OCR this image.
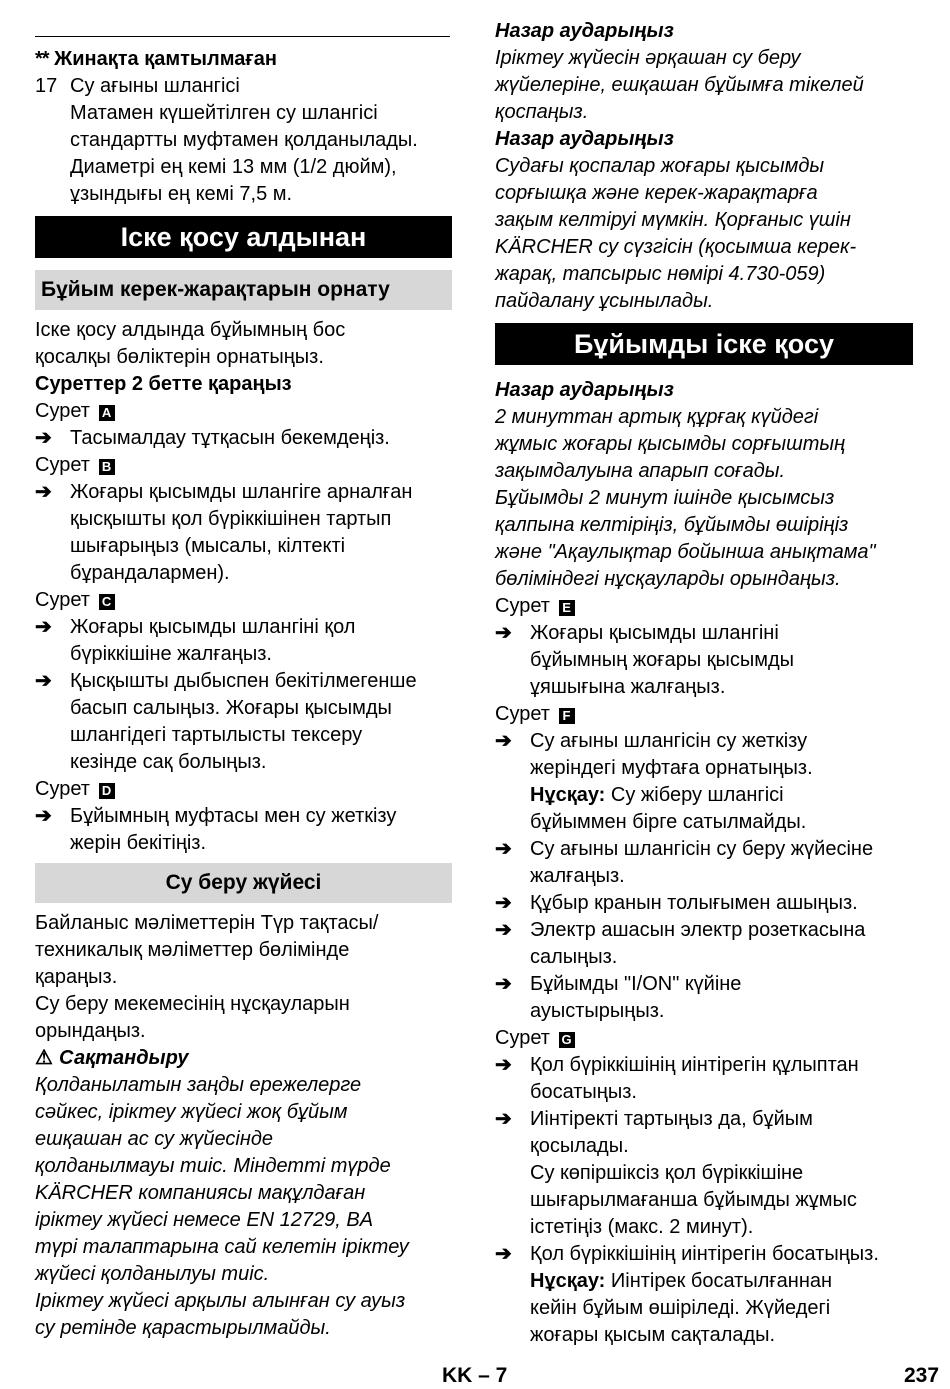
** Жинақта қамтылмаған

17 Су ағыны шлангісі

Матамен күшейтілген су шлангісі

стандартты муфтамен қолданылады.

Диаметрі ең кемі 13 мм (1/2 дюйм),

ұзындығы ең кемі 7,5 м.

Іске қосу алдынан
Бұйым керек-жарақтарын орнату

Іске қосу алдында бұйымның бос

қосалқы бөліктерін орнатыңыз.

Суреттер 2 бетте қараңыз

Сурет A

➔ Тасымалдау тұтқасын бекемдеңіз.

Сурет B

➔ Жоғары қысымды шлангіге арналған

қысқышты қол бүріккішінен тартып

шығарыңыз (мысалы, кілтекті

бұрандалармен).

Сурет C

➔ Жоғары қысымды шлангіні қол

бүріккішіне жалғаңыз.

➔ Қысқышты дыбыспен бекітілмегенше

басып салыңыз. Жоғары қысымды

шлангідегі тартылысты тексеру

кезінде сақ болыңыз.

Сурет D

➔ Бұйымның муфтасы мен су жеткізу

жерін бекітіңіз.

Су беру жүйесі

Байланыс мәліметтерін Түр тақтасы/

техникалық мәліметтер бөлімінде

қараңыз.

Су беру мекемесінің нұсқауларын

орындаңыз.

⚠ Сақтандыру

Қолданылатын заңды ережелерге

сәйкес, іріктеу жүйесі жоқ бұйым

ешқашан ас су жүйесінде

қолданылмауы тиіс. Міндетті түрде

KÄRCHER компаниясы мақұлдаған

іріктеу жүйесі немесе EN 12729, BA

түрі талаптарына сай келетін іріктеу

жүйесі қолданылуы тиіс.

Іріктеу жүйесі арқылы алынған су ауыз

су ретінде қарастырылмайды.

Назар аударыңыз

Іріктеу жүйесін әрқашан су беру

жүйелеріне, ешқашан бұйымға тікелей

қоспаңыз.

Назар аударыңыз

Судағы қоспалар жоғары қысымды

сорғышқа және керек-жарақтарға

зақым келтіруі мүмкін. Қорғаныс үшін

KÄRCHER су сүзгісін (қосымша керек-

жарақ, тапсырыс нөмірі 4.730-059)

пайдалану ұсынылады.

Бұйымды іске қосу

Назар аударыңыз

2 минуттан артық құрғақ күйдегі

жұмыс жоғары қысымды сорғыштың

зақымдалуына апарып соғады.

Бұйымды 2 минут ішінде қысымсыз

қалпына келтіріңіз, бұйымды өшіріңіз

және "Ақаулықтар бойынша анықтама"

бөліміндегі нұсқауларды орындаңыз.

Сурет E

➔ Жоғары қысымды шлангіні

бұйымның жоғары қысымды

ұяшығына жалғаңыз.

Сурет F

➔ Су ағыны шлангісін су жеткізу

жеріндегі муфтаға орнатыңыз.

Нұсқау: Су жіберу шлангісі

бұйыммен бірге сатылмайды.

➔ Су ағыны шлангісін су беру жүйесіне

жалғаңыз.

➔ Құбыр кранын толығымен ашыңыз.

➔ Электр ашасын электр розеткасына

салыңыз.

➔ Бұйымды "I/ON" күйіне

ауыстырыңыз.

Сурет G

➔ Қол бүріккішінің иінтірегін құлыптан

босатыңыз.

➔ Иінтіректі тартыңыз да, бұйым

қосылады.

Су көпіршіксіз қол бүріккішіне

шығарылмағанша бұйымды жұмыс

істетіңіз (макс. 2 минут).

➔ Қол бүріккішінің иінтірегін босатыңыз.

Нұсқау: Иінтірек босатылғаннан

кейін бұйым өшіріледі. Жүйедегі

жоғары қысым сақталады.

KK – 7	237
